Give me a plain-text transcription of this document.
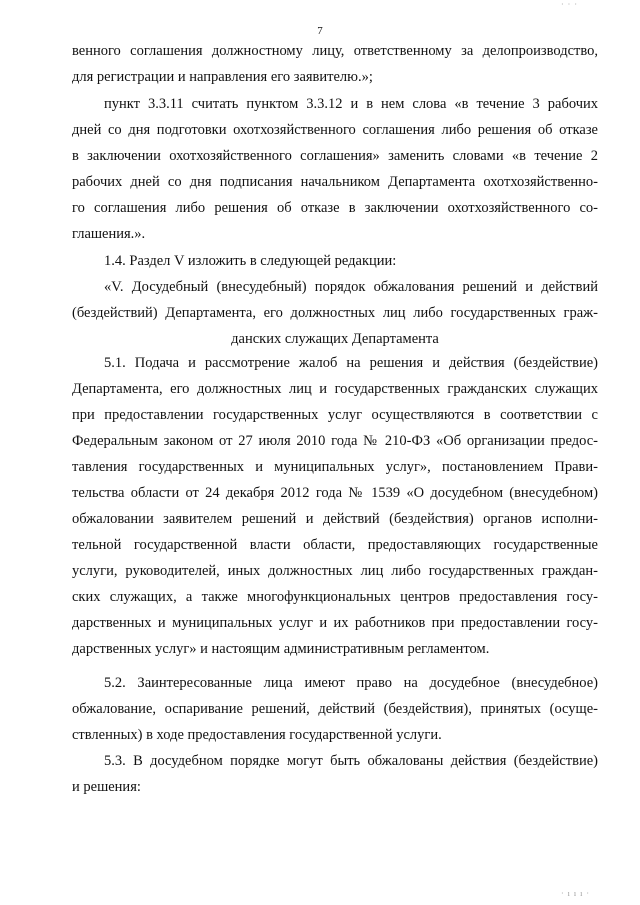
· · ·
7
венного соглашения должностному лицу, ответственному за делопроизводство,
для регистрации и направления его заявителю.»;
пункт 3.3.11 считать пунктом 3.3.12 и в нем слова «в течение 3 рабочих
дней со дня подготовки охотхозяйственного соглашения либо решения об отказе
в заключении охотхозяйственного соглашения» заменить словами «в течение 2
рабочих дней со дня подписания начальником Департамента охотхозяйственно-
го соглашения либо решения об отказе в заключении охотхозяйственного со-
глашения.».
1.4. Раздел V изложить в следующей редакции:
«V. Досудебный (внесудебный) порядок обжалования решений и действий
(бездействий) Департамента, его должностных лиц либо государственных граж-
данских служащих Департамента
5.1. Подача и рассмотрение жалоб на решения и действия (бездействие)
Департамента, его должностных лиц и государственных гражданских служащих
при предоставлении государственных услуг осуществляются в соответствии с
Федеральным законом от 27 июля 2010 года № 210-ФЗ «Об организации предос-
тавления государственных и муниципальных услуг», постановлением Прави-
тельства области от 24 декабря 2012 года № 1539 «О досудебном (внесудебном)
обжаловании заявителем решений и действий (бездействия) органов исполни-
тельной государственной власти области, предоставляющих государственные
услуги, руководителей, иных должностных лиц либо государственных граждан-
ских служащих, а также многофункциональных центров предоставления госу-
дарственных и муниципальных услуг и их работников при предоставлении госу-
дарственных услуг» и настоящим административным регламентом.
5.2. Заинтересованные лица имеют право на досудебное (внесудебное)
обжалование, оспаривание решений, действий (бездействия), принятых (осуще-
ствленных) в ходе предоставления государственной услуги.
5.3. В досудебном порядке могут быть обжалованы действия (бездействие)
и решения:
· ı ı ı ·
